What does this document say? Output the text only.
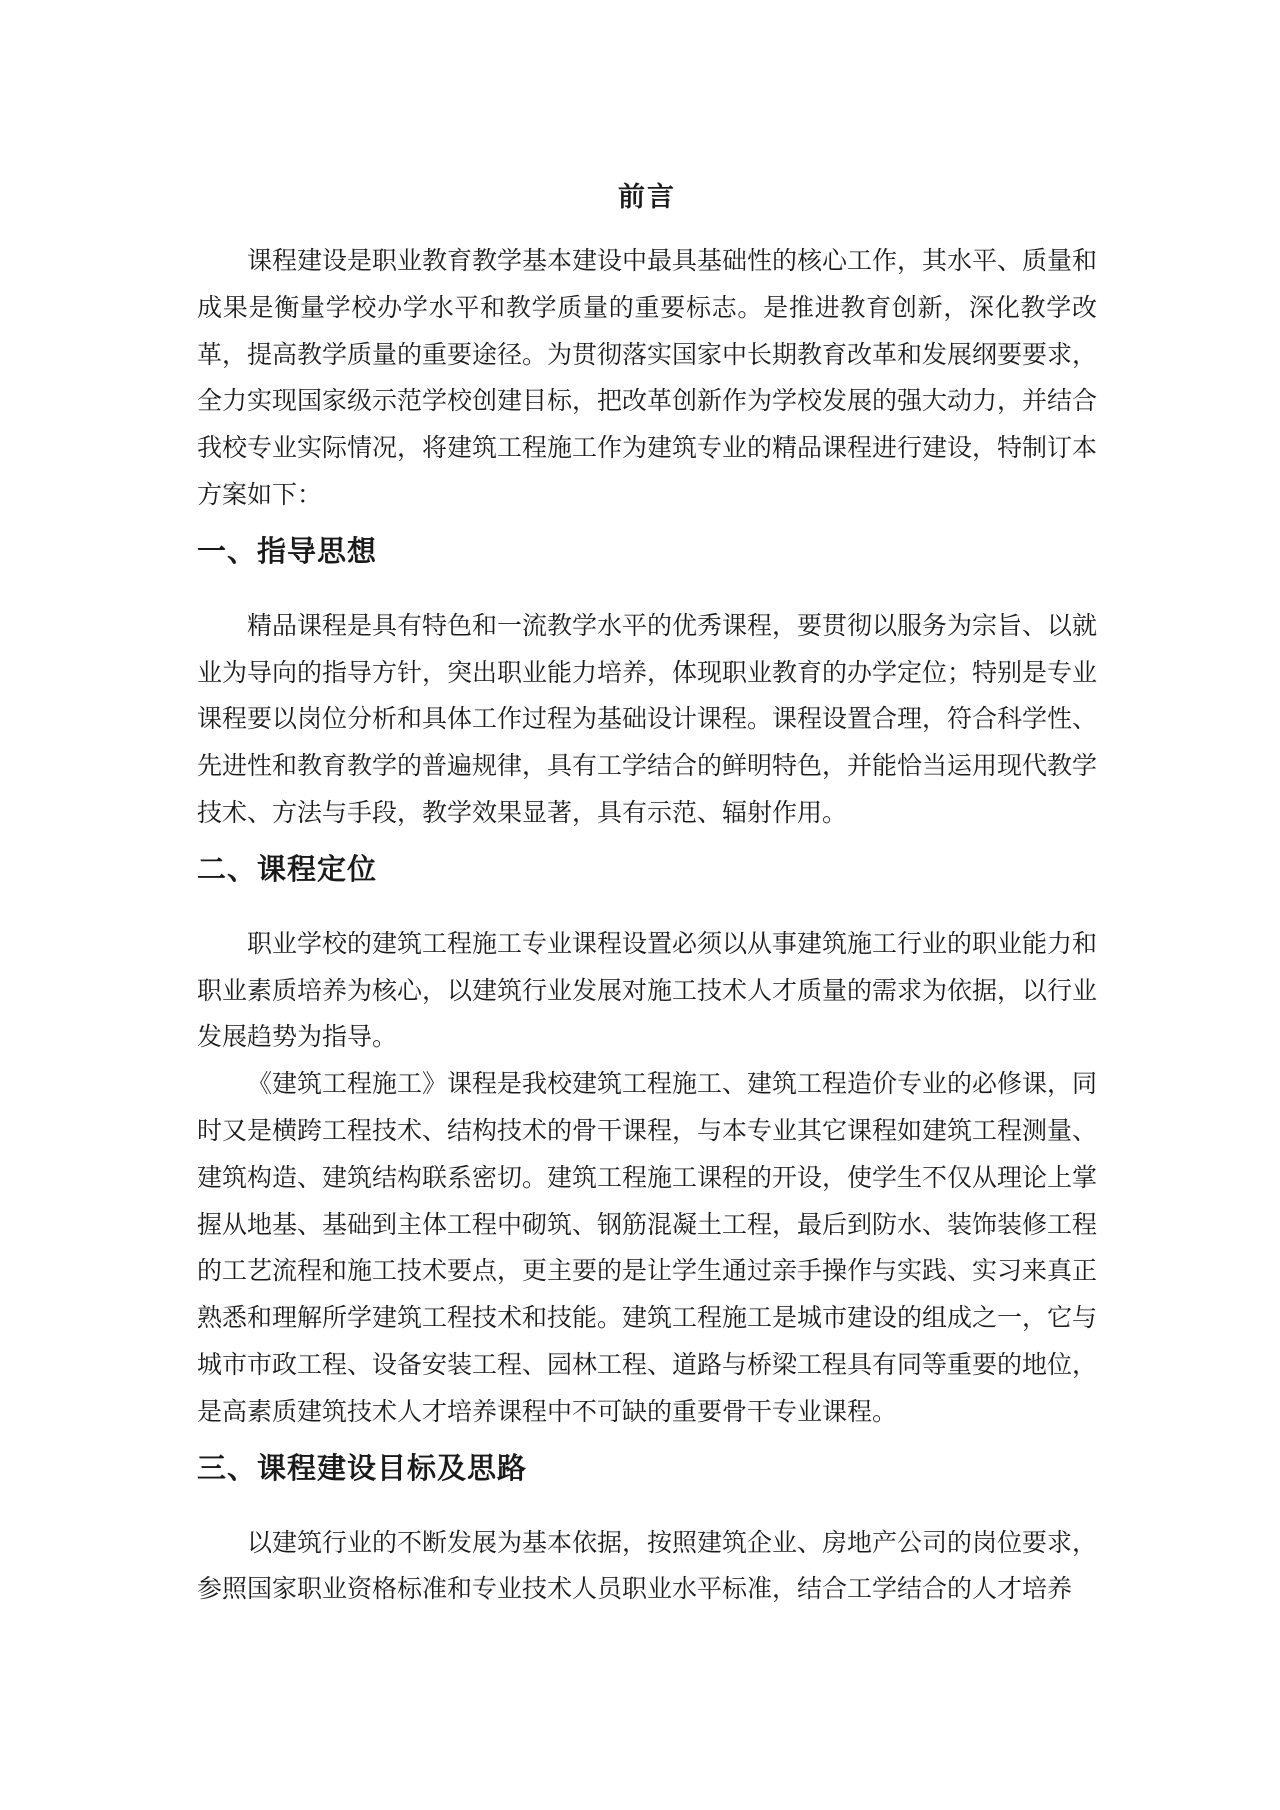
前言

课程建设是职业教育教学基本建设中最具基础性的核心工作，其水平、质量和成果是衡量学校办学水平和教学质量的重要标志。是推进教育创新，深化教学改革，提高教学质量的重要途径。为贯彻落实国家中长期教育改革和发展纲要要求，全力实现国家级示范学校创建目标，把改革创新作为学校发展的强大动力，并结合我校专业实际情况，将建筑工程施工作为建筑专业的精品课程进行建设，特制订本方案如下：

一、指导思想

精品课程是具有特色和一流教学水平的优秀课程，要贯彻以服务为宗旨、以就业为导向的指导方针，突出职业能力培养，体现职业教育的办学定位；特别是专业课程要以岗位分析和具体工作过程为基础设计课程。课程设置合理，符合科学性、先进性和教育教学的普遍规律，具有工学结合的鲜明特色，并能恰当运用现代教学技术、方法与手段，教学效果显著，具有示范、辐射作用。

二、课程定位

职业学校的建筑工程施工专业课程设置必须以从事建筑施工行业的职业能力和职业素质培养为核心，以建筑行业发展对施工技术人才质量的需求为依据，以行业发展趋势为指导。

《建筑工程施工》课程是我校建筑工程施工、建筑工程造价专业的必修课，同时又是横跨工程技术、结构技术的骨干课程，与本专业其它课程如建筑工程测量、建筑构造、建筑结构联系密切。建筑工程施工课程的开设，使学生不仅从理论上掌握从地基、基础到主体工程中砌筑、钢筋混凝土工程，最后到防水、装饰装修工程的工艺流程和施工技术要点，更主要的是让学生通过亲手操作与实践、实习来真正熟悉和理解所学建筑工程技术和技能。建筑工程施工是城市建设的组成之一，它与城市市政工程、设备安装工程、园林工程、道路与桥梁工程具有同等重要的地位，是高素质建筑技术人才培养课程中不可缺的重要骨干专业课程。

三、课程建设目标及思路

以建筑行业的不断发展为基本依据，按照建筑企业、房地产公司的岗位要求，参照国家职业资格标准和专业技术人员职业水平标准，结合工学结合的人才培养
